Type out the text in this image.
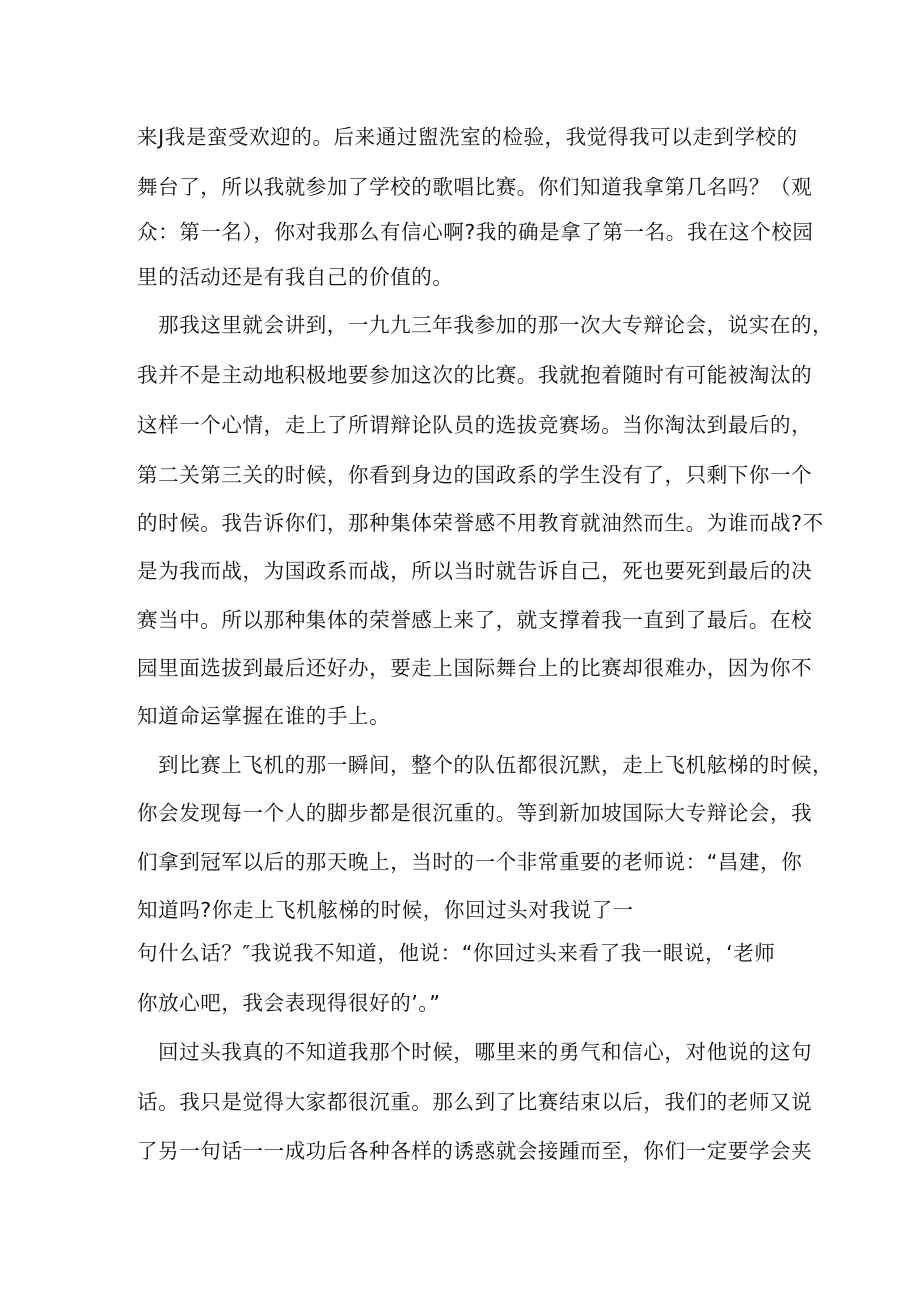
来J我是蛮受欢迎的。后来通过盥洗室的检验，我觉得我可以走到学校的
舞台了，所以我就参加了学校的歌唱比赛。你们知道我拿第几名吗？（观
众：第一名），你对我那么有信心啊?我的确是拿了第一名。我在这个校园
里的活动还是有我自己的价值的。
那我这里就会讲到，一九九三年我参加的那一次大专辩论会，说实在的，
我并不是主动地积极地要参加这次的比赛。我就抱着随时有可能被淘汰的
这样一个心情，走上了所谓辩论队员的选拔竞赛场。当你淘汰到最后的，
第二关第三关的时候，你看到身边的国政系的学生没有了，只剩下你一个
的时候。我告诉你们，那种集体荣誉感不用教育就油然而生。为谁而战?不
是为我而战，为国政系而战，所以当时就告诉自己，死也要死到最后的决
赛当中。所以那种集体的荣誉感上来了，就支撑着我一直到了最后。在校
园里面选拔到最后还好办，要走上国际舞台上的比赛却很难办，因为你不
知道命运掌握在谁的手上。
到比赛上飞机的那一瞬间，整个的队伍都很沉默，走上飞机舷梯的时候，
你会发现每一个人的脚步都是很沉重的。等到新加坡国际大专辩论会，我
们拿到冠军以后的那天晚上，当时的一个非常重要的老师说：“昌建，你
知道吗?你走上飞机舷梯的时候，你回过头对我说了一
句什么话？″我说我不知道，他说：“你回过头来看了我一眼说，‘老师
你放心吧，我会表现得很好的’。”
回过头我真的不知道我那个时候，哪里来的勇气和信心，对他说的这句
话。我只是觉得大家都很沉重。那么到了比赛结束以后，我们的老师又说
了另一句话一一成功后各种各样的诱惑就会接踵而至，你们一定要学会夹
